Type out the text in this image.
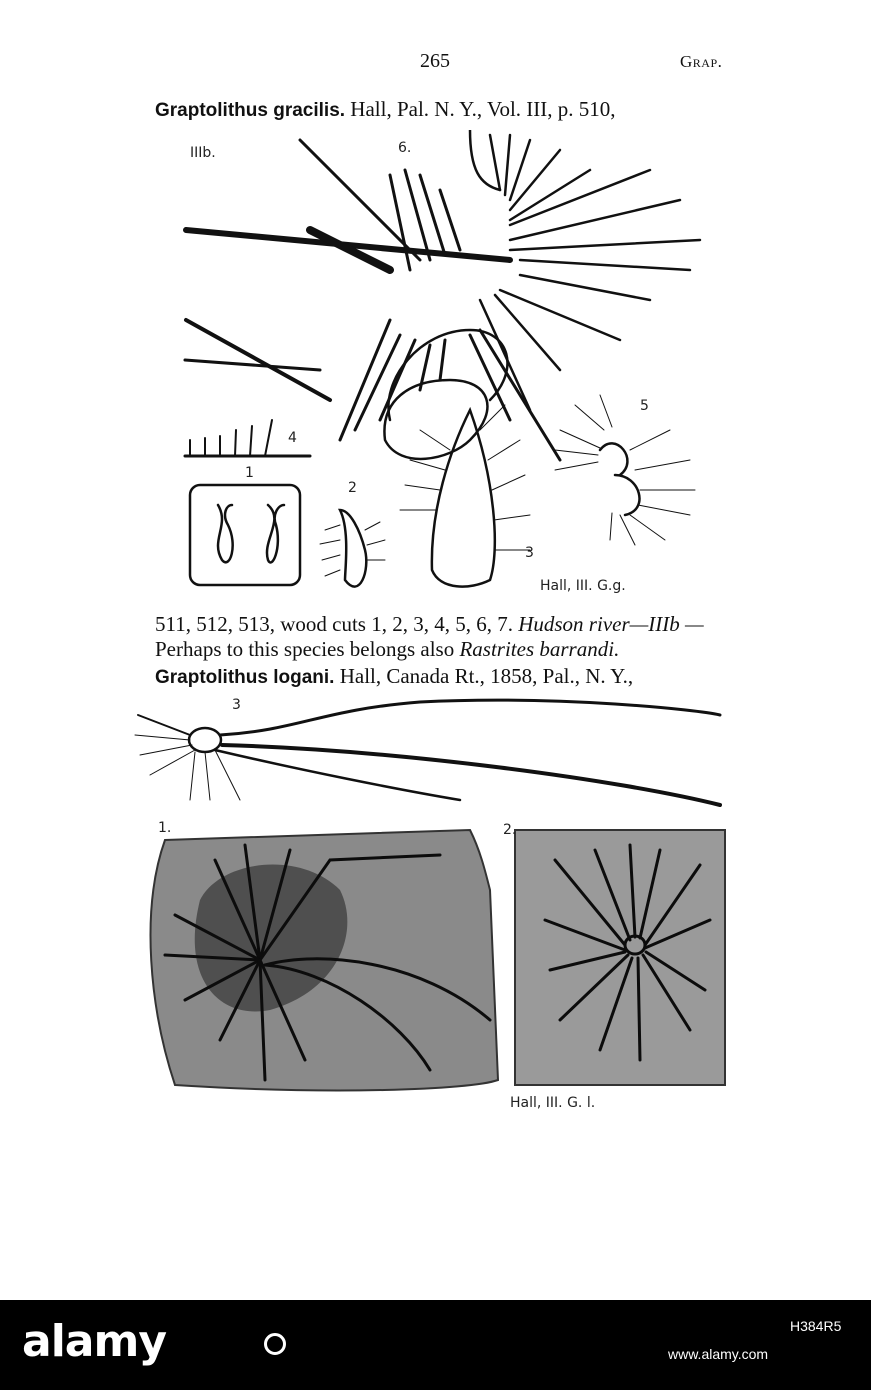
265	Grap.
Graptolithus gracilis. Hall, Pal. N. Y., Vol. III, p. 510,
IIIb.	6.
5
4
1
2
3
Hall, III. G.g.
511, 512, 513, wood cuts 1, 2, 3, 4, 5, 6, 7. Hudson river—IIIb —
Perhaps to this species belongs also Rastrites barrandi.
Graptolithus logani. Hall, Canada Rt., 1858, Pal., N. Y.,
3
1.	2.
Hall, III. G. l.
alamy	H384R5
www.alamy.com
